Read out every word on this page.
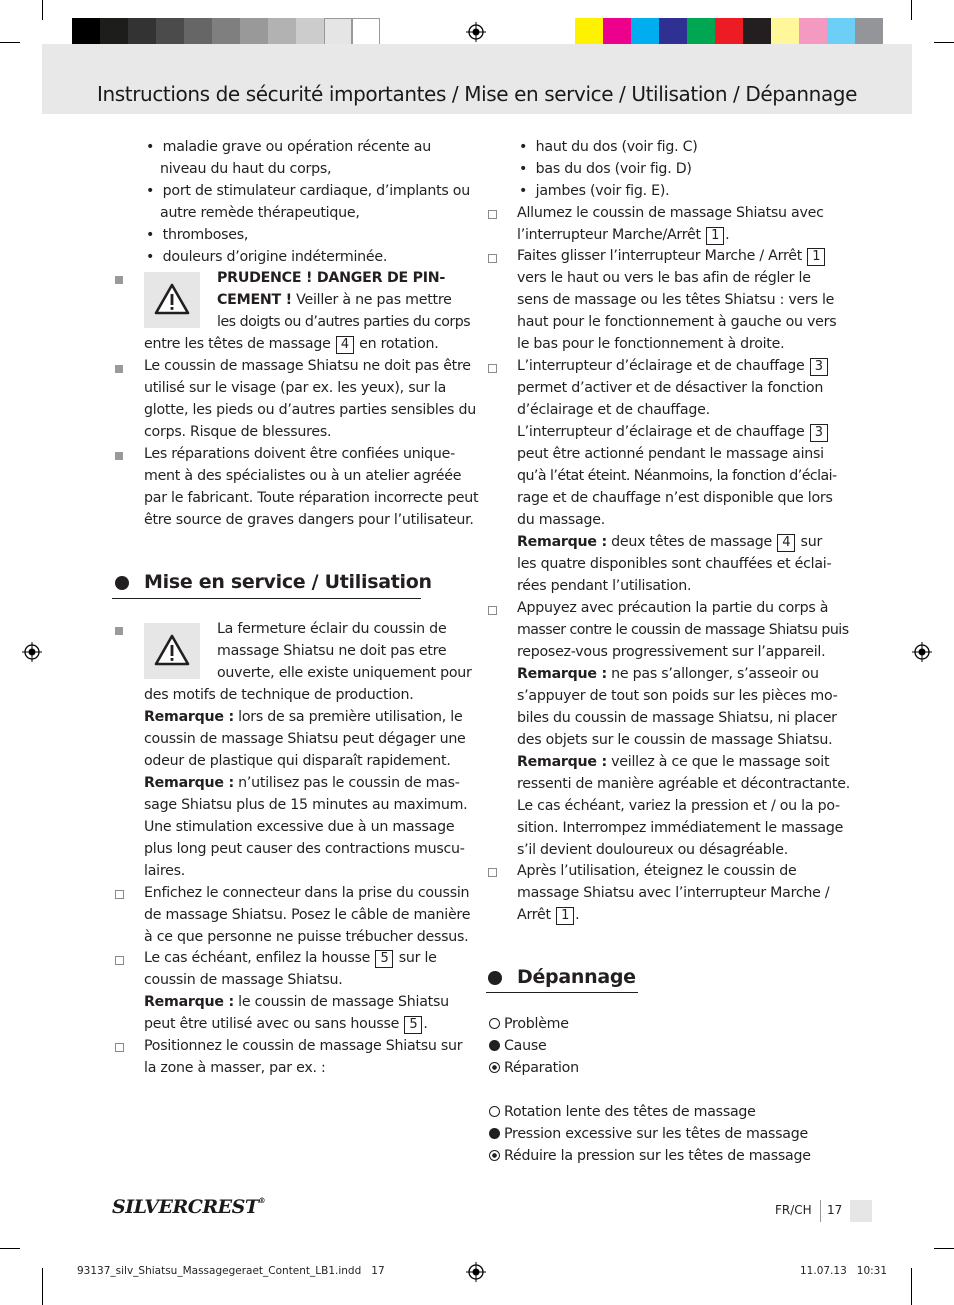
Instructions de sécurité importantes / Mise en service / Utilisation / Dépannage
• maladie grave ou opération récente au
niveau du haut du corps,
• port de stimulateur cardiaque, d’implants ou
autre remède thérapeutique,
• thromboses,
• douleurs d’origine indéterminée.
PRUDENCE ! DANGER DE PIN-
CEMENT ! Veiller à ne pas mettre
les doigts ou d’autres parties du corps
entre les têtes de massage 4 en rotation.
Le coussin de massage Shiatsu ne doit pas être
utilisé sur le visage (par ex. les yeux), sur la
glotte, les pieds ou d’autres parties sensibles du
corps. Risque de blessures.
Les réparations doivent être confiées unique-
ment à des spécialistes ou à un atelier agréée
par le fabricant. Toute réparation incorrecte peut
être source de graves dangers pour l’utilisateur.
Mise en service / Utilisation
La fermeture éclair du coussin de
massage Shiatsu ne doit pas etre
ouverte, elle existe uniquement pour
des motifs de technique de production.
Remarque : lors de sa première utilisation, le
coussin de massage Shiatsu peut dégager une
odeur de plastique qui disparaît rapidement.
Remarque : n’utilisez pas le coussin de mas-
sage Shiatsu plus de 15 minutes au maximum.
Une stimulation excessive due à un massage
plus long peut causer des contractions muscu-
laires.
Enfichez le connecteur dans la prise du coussin
de massage Shiatsu. Posez le câble de manière
à ce que personne ne puisse trébucher dessus.
Le cas échéant, enfilez la housse 5 sur le
coussin de massage Shiatsu.
Remarque : le coussin de massage Shiatsu
peut être utilisé avec ou sans housse 5 .
Positionnez le coussin de massage Shiatsu sur
la zone à masser, par ex. :
• haut du dos (voir fig. C)
• bas du dos (voir fig. D)
• jambes (voir fig. E).
Allumez le coussin de massage Shiatsu avec
l’interrupteur Marche/Arrêt 1 .
Faites glisser l’interrupteur Marche / Arrêt 1
vers le haut ou vers le bas afin de régler le
sens de massage ou les têtes Shiatsu : vers le
haut pour le fonctionnement à gauche ou vers
le bas pour le fonctionnement à droite.
L’interrupteur d’éclairage et de chauffage 3
permet d’activer et de désactiver la fonction
d’éclairage et de chauffage.
L’interrupteur d’éclairage et de chauffage 3
peut être actionné pendant le massage ainsi
qu’à l’état éteint. Néanmoins, la fonction d’éclai-
rage et de chauffage n’est disponible que lors
du massage.
Remarque : deux têtes de massage 4 sur
les quatre disponibles sont chauffées et éclai-
rées pendant l’utilisation.
Appuyez avec précaution la partie du corps à
masser contre le coussin de massage Shiatsu puis
reposez-vous progressivement sur l’appareil.
Remarque : ne pas s’allonger, s’asseoir ou
s’appuyer de tout son poids sur les pièces mo-
biles du coussin de massage Shiatsu, ni placer
des objets sur le coussin de massage Shiatsu.
Remarque : veillez à ce que le massage soit
ressenti de manière agréable et décontractante.
Le cas échéant, variez la pression et / ou la po-
sition. Interrompez immédiatement le massage
s’il devient douloureux ou désagréable.
Après l’utilisation, éteignez le coussin de
massage Shiatsu avec l’interrupteur Marche /
Arrêt 1 .
Dépannage
Problème
Cause
Réparation
Rotation lente des têtes de massage
Pression excessive sur les têtes de massage
Réduire la pression sur les têtes de massage
SILVERCREST®
FR/CH 17
93137_silv_Shiatsu_Massagegeraet_Content_LB1.indd   17	11.07.13   10:31
